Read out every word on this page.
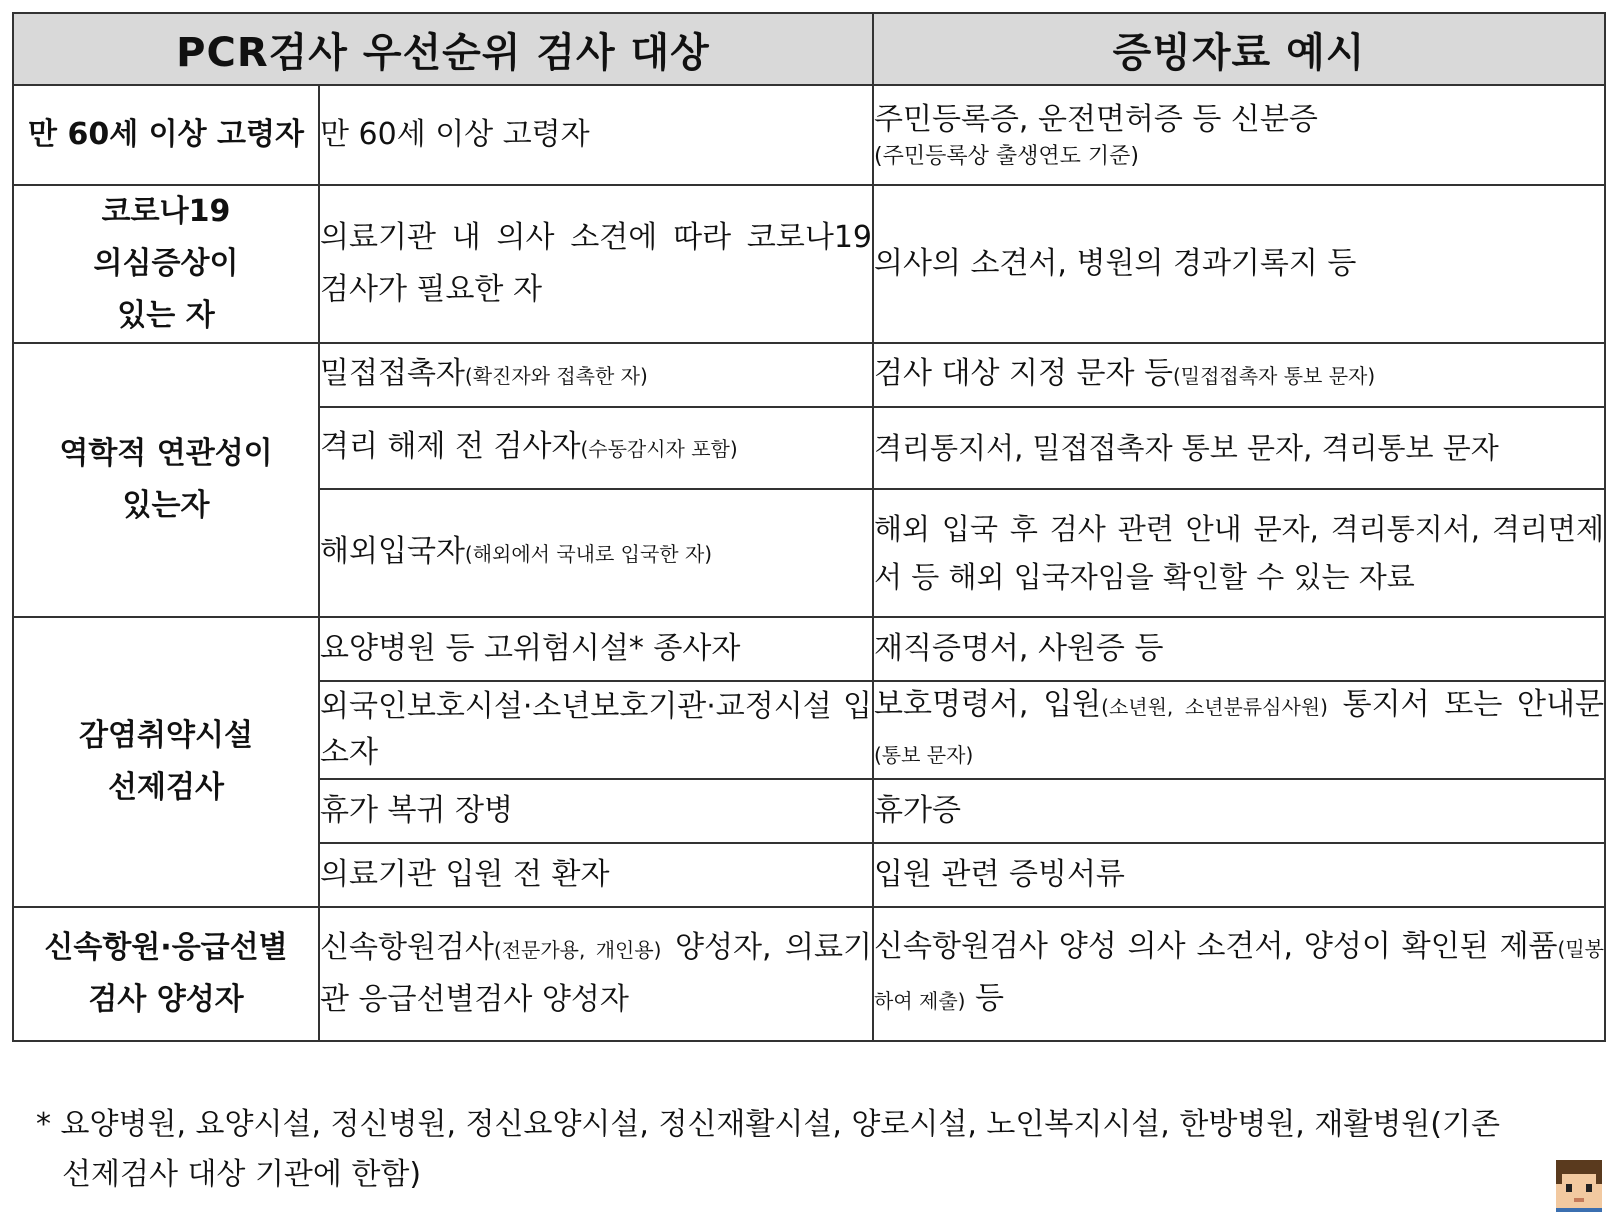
PCR검사 우선순위 검사 대상		증빙자료 예시
만 60세 이상 고령자	만 60세 이상 고령자	주민등록증, 운전면허증 등 신분증
(주민등록상 출생연도 기준)

코로나19
의심증상이
있는 자	의료기관 내 의사 소견에 따라 코로나19 검사가 필요한 자	의사의 소견서, 병원의 경과기록지 등

역학적 연관성이
있는자	밀접접촉자(확진자와 접촉한 자)	검사 대상 지정 문자 등(밀접접촉자 통보 문자)
	격리 해제 전 검사자(수동감시자 포함)	격리통지서, 밀접접촉자 통보 문자, 격리통보 문자
	해외입국자(해외에서 국내로 입국한 자)	해외 입국 후 검사 관련 안내 문자, 격리통지서, 격리면제서 등 해외 입국자임을 확인할 수 있는 자료

감염취약시설
선제검사	요양병원 등 고위험시설* 종사자	재직증명서, 사원증 등
	외국인보호시설·소년보호기관·교정시설 입소자	보호명령서, 입원(소년원, 소년분류심사원) 통지서 또는 안내문(통보 문자)
	휴가 복귀 장병	휴가증
	의료기관 입원 전 환자	입원 관련 증빙서류

신속항원·응급선별
검사 양성자	신속항원검사(전문가용, 개인용) 양성자, 의료기관 응급선별검사 양성자	신속항원검사 양성 의사 소견서, 양성이 확인된 제품(밀봉하여 제출) 등
* 요양병원, 요양시설, 정신병원, 정신요양시설, 정신재활시설, 양로시설, 노인복지시설, 한방병원, 재활병원(기존
선제검사 대상 기관에 한함)
